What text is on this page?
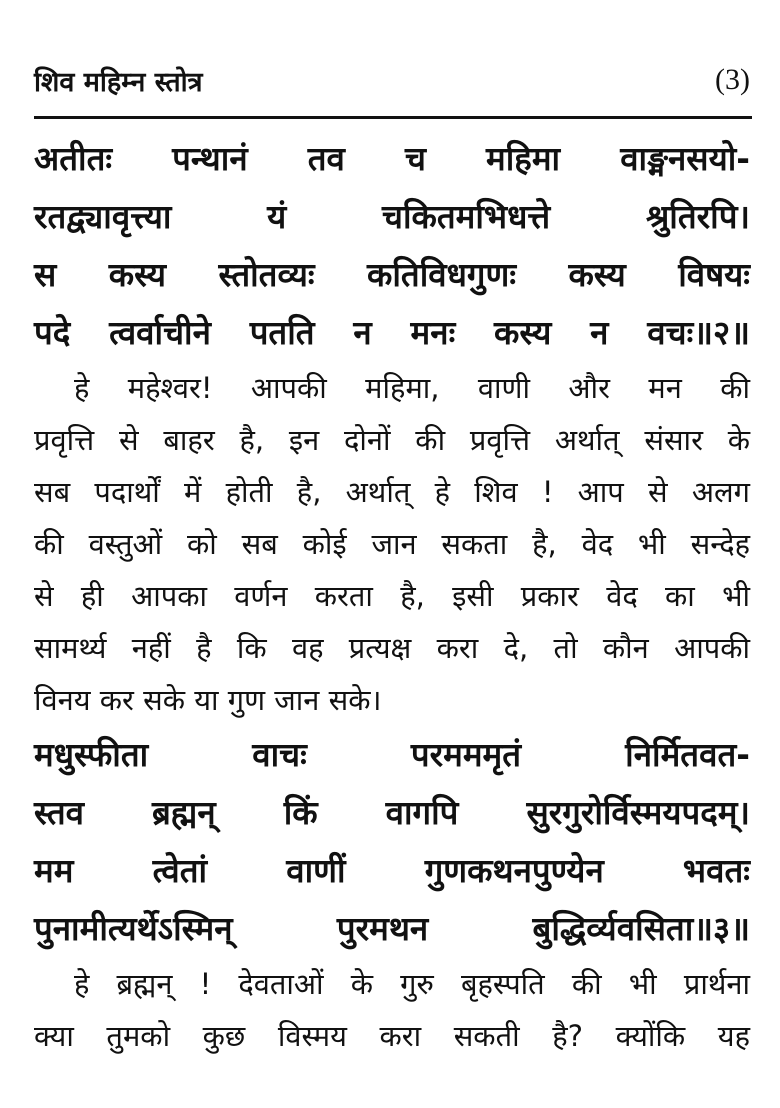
शिव महिम्न स्तोत्र	(3)
अतीतः पन्थानं तव च महिमा वाङ्मनसयो-
रतद्व्यावृत्त्या	यं	चकितमभिधत्ते	श्रुतिरपि।
स कस्य स्तोतव्यः कतिविधगुणः कस्य विषयः
पदे त्वर्वाचीने पतति न मनः कस्य न वचः॥२॥
हे महेश्वर! आपकी महिमा, वाणी और मन की
प्रवृत्ति से बाहर है, इन दोनों की प्रवृत्ति अर्थात् संसार के
सब पदार्थों में होती है, अर्थात् हे शिव ! आप से अलग
की वस्तुओं को सब कोई जान सकता है, वेद भी सन्देह
से ही आपका वर्णन करता है, इसी प्रकार वेद का भी
सामर्थ्य नहीं है कि वह प्रत्यक्ष करा दे, तो कौन आपकी
विनय कर सके या गुण जान सके।
मधुस्फीता	वाचः	परमममृतं	निर्मितवत-
स्तव ब्रह्मन् किं वागपि सुरगुरोर्विस्मयपदम्।
मम त्वेतां वाणीं गुणकथनपुण्येन भवतः
पुनामीत्यर्थेऽस्मिन्	पुरमथन	बुद्धिर्व्यवसिता॥३॥
हे ब्रह्मन् ! देवताओं के गुरु बृहस्पति की भी प्रार्थना
क्या तुमको कुछ विस्मय करा सकती है? क्योंकि यह
